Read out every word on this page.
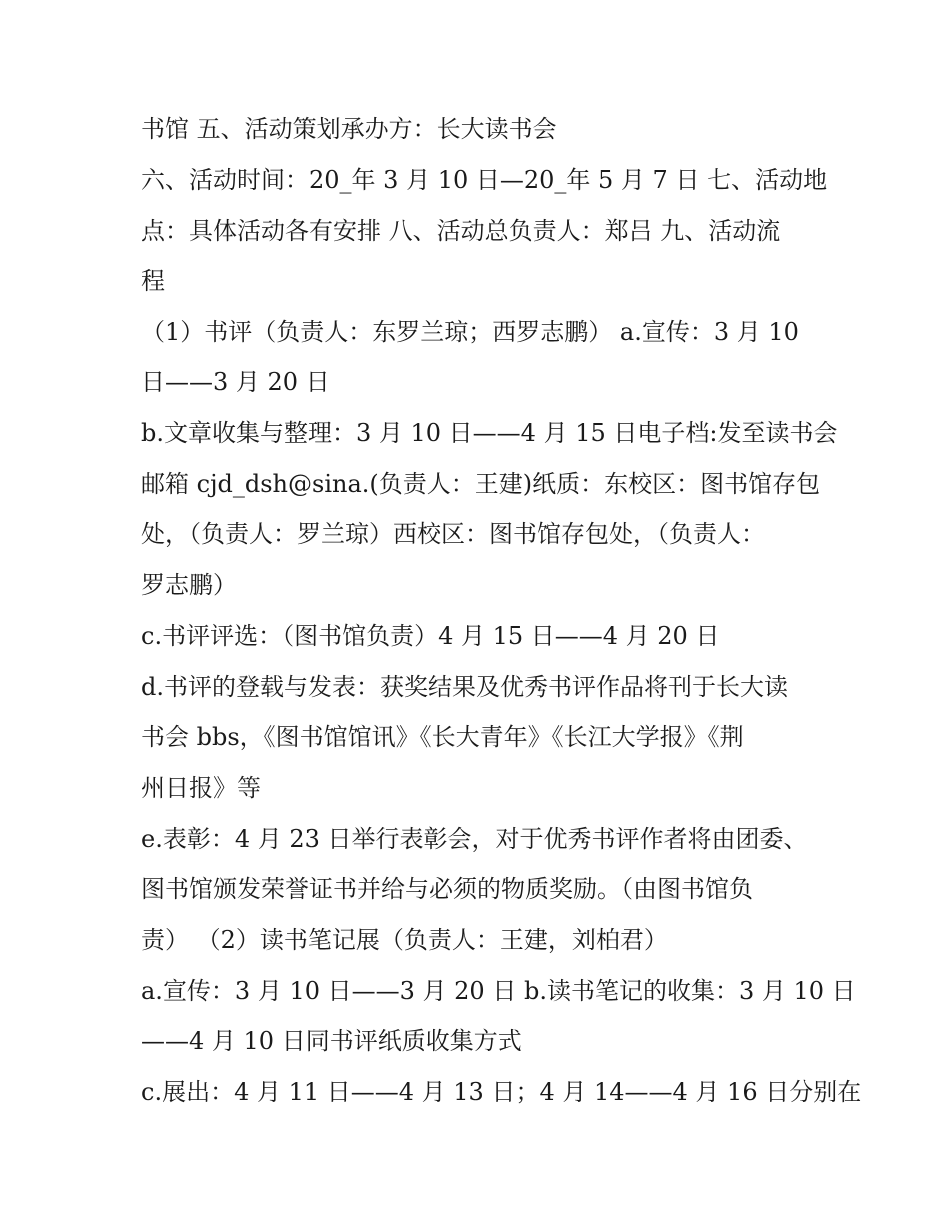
书馆 五、活动策划承办方：长大读书会
六、活动时间：20_年 3 月 10 日—20_年 5 月 7 日 七、活动地
点：具体活动各有安排 八、活动总负责人：郑吕 九、活动流
程
（1）书评（负责人：东罗兰琼；西罗志鹏） a.宣传：3 月 10
日——3 月 20 日
b.文章收集与整理：3 月 10 日——4 月 15 日电子档:发至读书会
邮箱 cjd_dsh@sina.(负责人：王建)纸质：东校区：图书馆存包
处，（负责人：罗兰琼）西校区：图书馆存包处，（负责人：
罗志鹏）
c.书评评选：（图书馆负责）4 月 15 日——4 月 20 日
d.书评的登载与发表：获奖结果及优秀书评作品将刊于长大读
书会 bbs，《图书馆馆讯》《长大青年》《长江大学报》《荆
州日报》等
e.表彰：4 月 23 日举行表彰会，对于优秀书评作者将由团委、
图书馆颁发荣誉证书并给与必须的物质奖励。（由图书馆负
责） （2）读书笔记展（负责人：王建，刘柏君）
a.宣传：3 月 10 日——3 月 20 日 b.读书笔记的收集：3 月 10 日
——4 月 10 日同书评纸质收集方式
c.展出：4 月 11 日——4 月 13 日；4 月 14——4 月 16 日分别在
